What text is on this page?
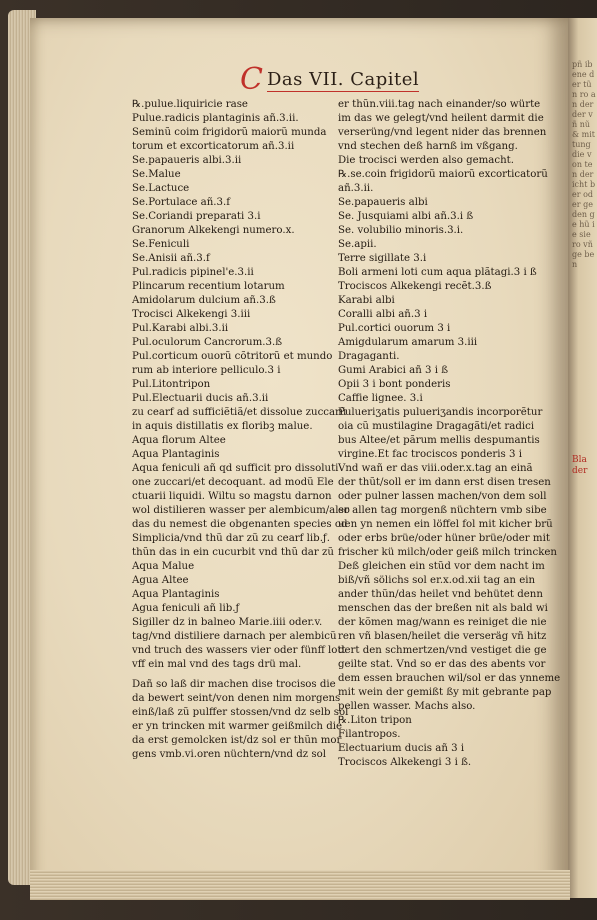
pñ ibene der tũn ro an der der vñ nũ & mit tung die von ten der icht ber oder ge den ge hũ ie sie ro vñ ge ben
Bla der
C Das VII. Capitel
℞.pulue.liquiricie rase
Pulue.radicis plantaginis añ.3.ii.
Seminũ coim frigidorũ maiorũ munda
torum et excorticatorum añ.3.ii
Se.papaueris albi.3.ii
Se.Malue
Se.Lactuce
Se.Portulace añ.3.f
Se.Coriandi preparati 3.i
Granorum Alkekengi numero.x.
Se.Feniculi
Se.Anisii añ.3.f
Pul.radicis pipinel'e.3.ii
Plincarum recentium lotarum
Amidolarum dulcium añ.3.ß
Trocisci Alkekengi 3.iii
Pul.Karabi albi.3.ii
Pul.oculorum Cancrorum.3.ß
Pul.corticum ouorũ cõtritorũ et mundo
rum ab interiore pelliculo.3 i
Pul.Litontripon
Pul.Electuarii ducis añ.3.ii
zu cearf ad sufficiẽtiã/et dissolue zuccarũ
in aquis distillatis ex floribꝫ malue.
Aqua florum Altee
Aqua Plantaginis
Aqua feniculi añ qd sufficit pro dissoluti
one zuccari/et decoquant. ad modũ Ele
ctuarii liquidi. Wiltu so magstu darnon
wol distilieren wasser per alembicum/also
das du nemest die obgenanten species od
Simplicia/vnd thũ dar zũ zu cearf lib.ƒ.
thũn das in ein cucurbit vnd thũ dar zũ
Aqua Malue
Agua Altee
Aqua Plantaginis
Agua feniculi añ lib.ƒ
Sigiller dz in balneo Marie.iiii oder.v.
tag/vnd distiliere darnach per alembicũ
vnd truch des wassers vier oder fünff lott
vff ein mal vnd des tags drü mal.
Dañ so laß dir machen dise trocisos die
da bewert seint/von denen nim morgens
einß/laß zũ pulffer stossen/vnd dz selb sol
er yn trincken mit warmer geißmilch die
da erst gemolcken ist/dz sol er thũn mor
gens vmb.vi.oren nüchtern/vnd dz sol
er thũn.viii.tag nach einander/so würte
im das we gelegt/vnd heilent darmit die
verserüng/vnd legent nider das brennen
vnd stechen deß harnß im vßgang.
Die trocisci werden also gemacht.
℞.se.coin frigidorũ maiorũ excorticatorũ
añ.3.ii.
Se.papaueris albi
Se. Jusquiami albi añ.3.i ß
Se. volubilio minoris.3.i.
Se.apii.
Terre sigillate 3.i
Boli armeni loti cum aqua plãtagi.3 i ß
Trociscos Alkekengi recẽt.3.ß
Karabi albi
Coralli albi añ.3 i
Pul.cortici ouorum 3 i
Amigdularum amarum 3.iii
Dragaganti.
Gumi Arabici añ 3 i ß
Opii 3 i bont ponderis
Caffie lignee. 3.i
Pulueriʒatis pulueriʒandis incorporẽtur
oia cũ mustilagine Dragagãti/et radici
bus Altee/et pãrum mellis despumantis
virgine.Et fac trociscos ponderis 3 i
Vnd wañ er das viii.oder.x.tag an einã
der thũt/soll er im dann erst disen tresen
oder pulner lassen machen/von dem soll
er allen tag morgenß nüchtern vmb sibe
uen yn nemen ein löffel fol mit kicher brũ
oder erbs brüe/oder hüner brüe/oder mit
frischer kü milch/oder geiß milch trincken
Deß gleichen ein stũd vor dem nacht im
biß/vñ sölichs sol er.x.od.xii tag an ein
ander thũn/das heilet vnd behütet denn
menschen das der breßen nit als bald wi
der kõmen mag/wann es reiniget die nie
ren vñ blasen/heilet die verseräg vñ hitz
dert den schmertzen/vnd vestiget die ge
geilte stat. Vnd so er das des abents vor
dem essen brauchen wil/sol er das ynneme
mit wein der gemißt ßy mit gebrante pap
pellen wasser. Machs also.
℞.Liton tripon
Filantropos.
Electuarium ducis añ 3 i
Trociscos Alkekengi 3 i ß.
